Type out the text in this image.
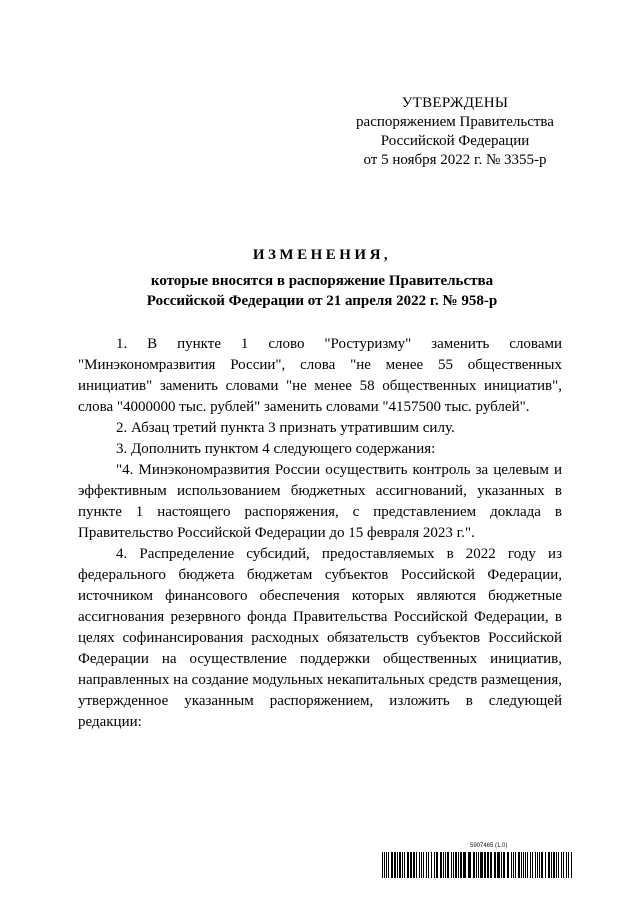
УТВЕРЖДЕНЫ
распоряжением Правительства
Российской Федерации
от 5 ноября 2022 г. № 3355-р
ИЗМЕНЕНИЯ,
которые вносятся в распоряжение Правительства
Российской Федерации от 21 апреля 2022 г. № 958-р

1. В пункте 1 слово "Ростуризму" заменить словами "Минэкономразвития России", слова "не менее 55 общественных инициатив" заменить словами "не менее 58 общественных инициатив", слова "4000000 тыс. рублей" заменить словами "4157500 тыс. рублей".

2. Абзац третий пункта 3 признать утратившим силу.

3. Дополнить пунктом 4 следующего содержания:

"4. Минэкономразвития России осуществить контроль за целевым и эффективным использованием бюджетных ассигнований, указанных в пункте 1 настоящего распоряжения, с представлением доклада в Правительство Российской Федерации до 15 февраля 2023 г.".

4. Распределение субсидий, предоставляемых в 2022 году из федерального бюджета бюджетам субъектов Российской Федерации, источником финансового обеспечения которых являются бюджетные ассигнования резервного фонда Правительства Российской Федерации, в целях софинансирования расходных обязательств субъектов Российской Федерации на осуществление поддержки общественных инициатив, направленных на создание модульных некапитальных средств размещения, утвержденное указанным распоряжением, изложить в следующей редакции:

5907465 (1.0)
